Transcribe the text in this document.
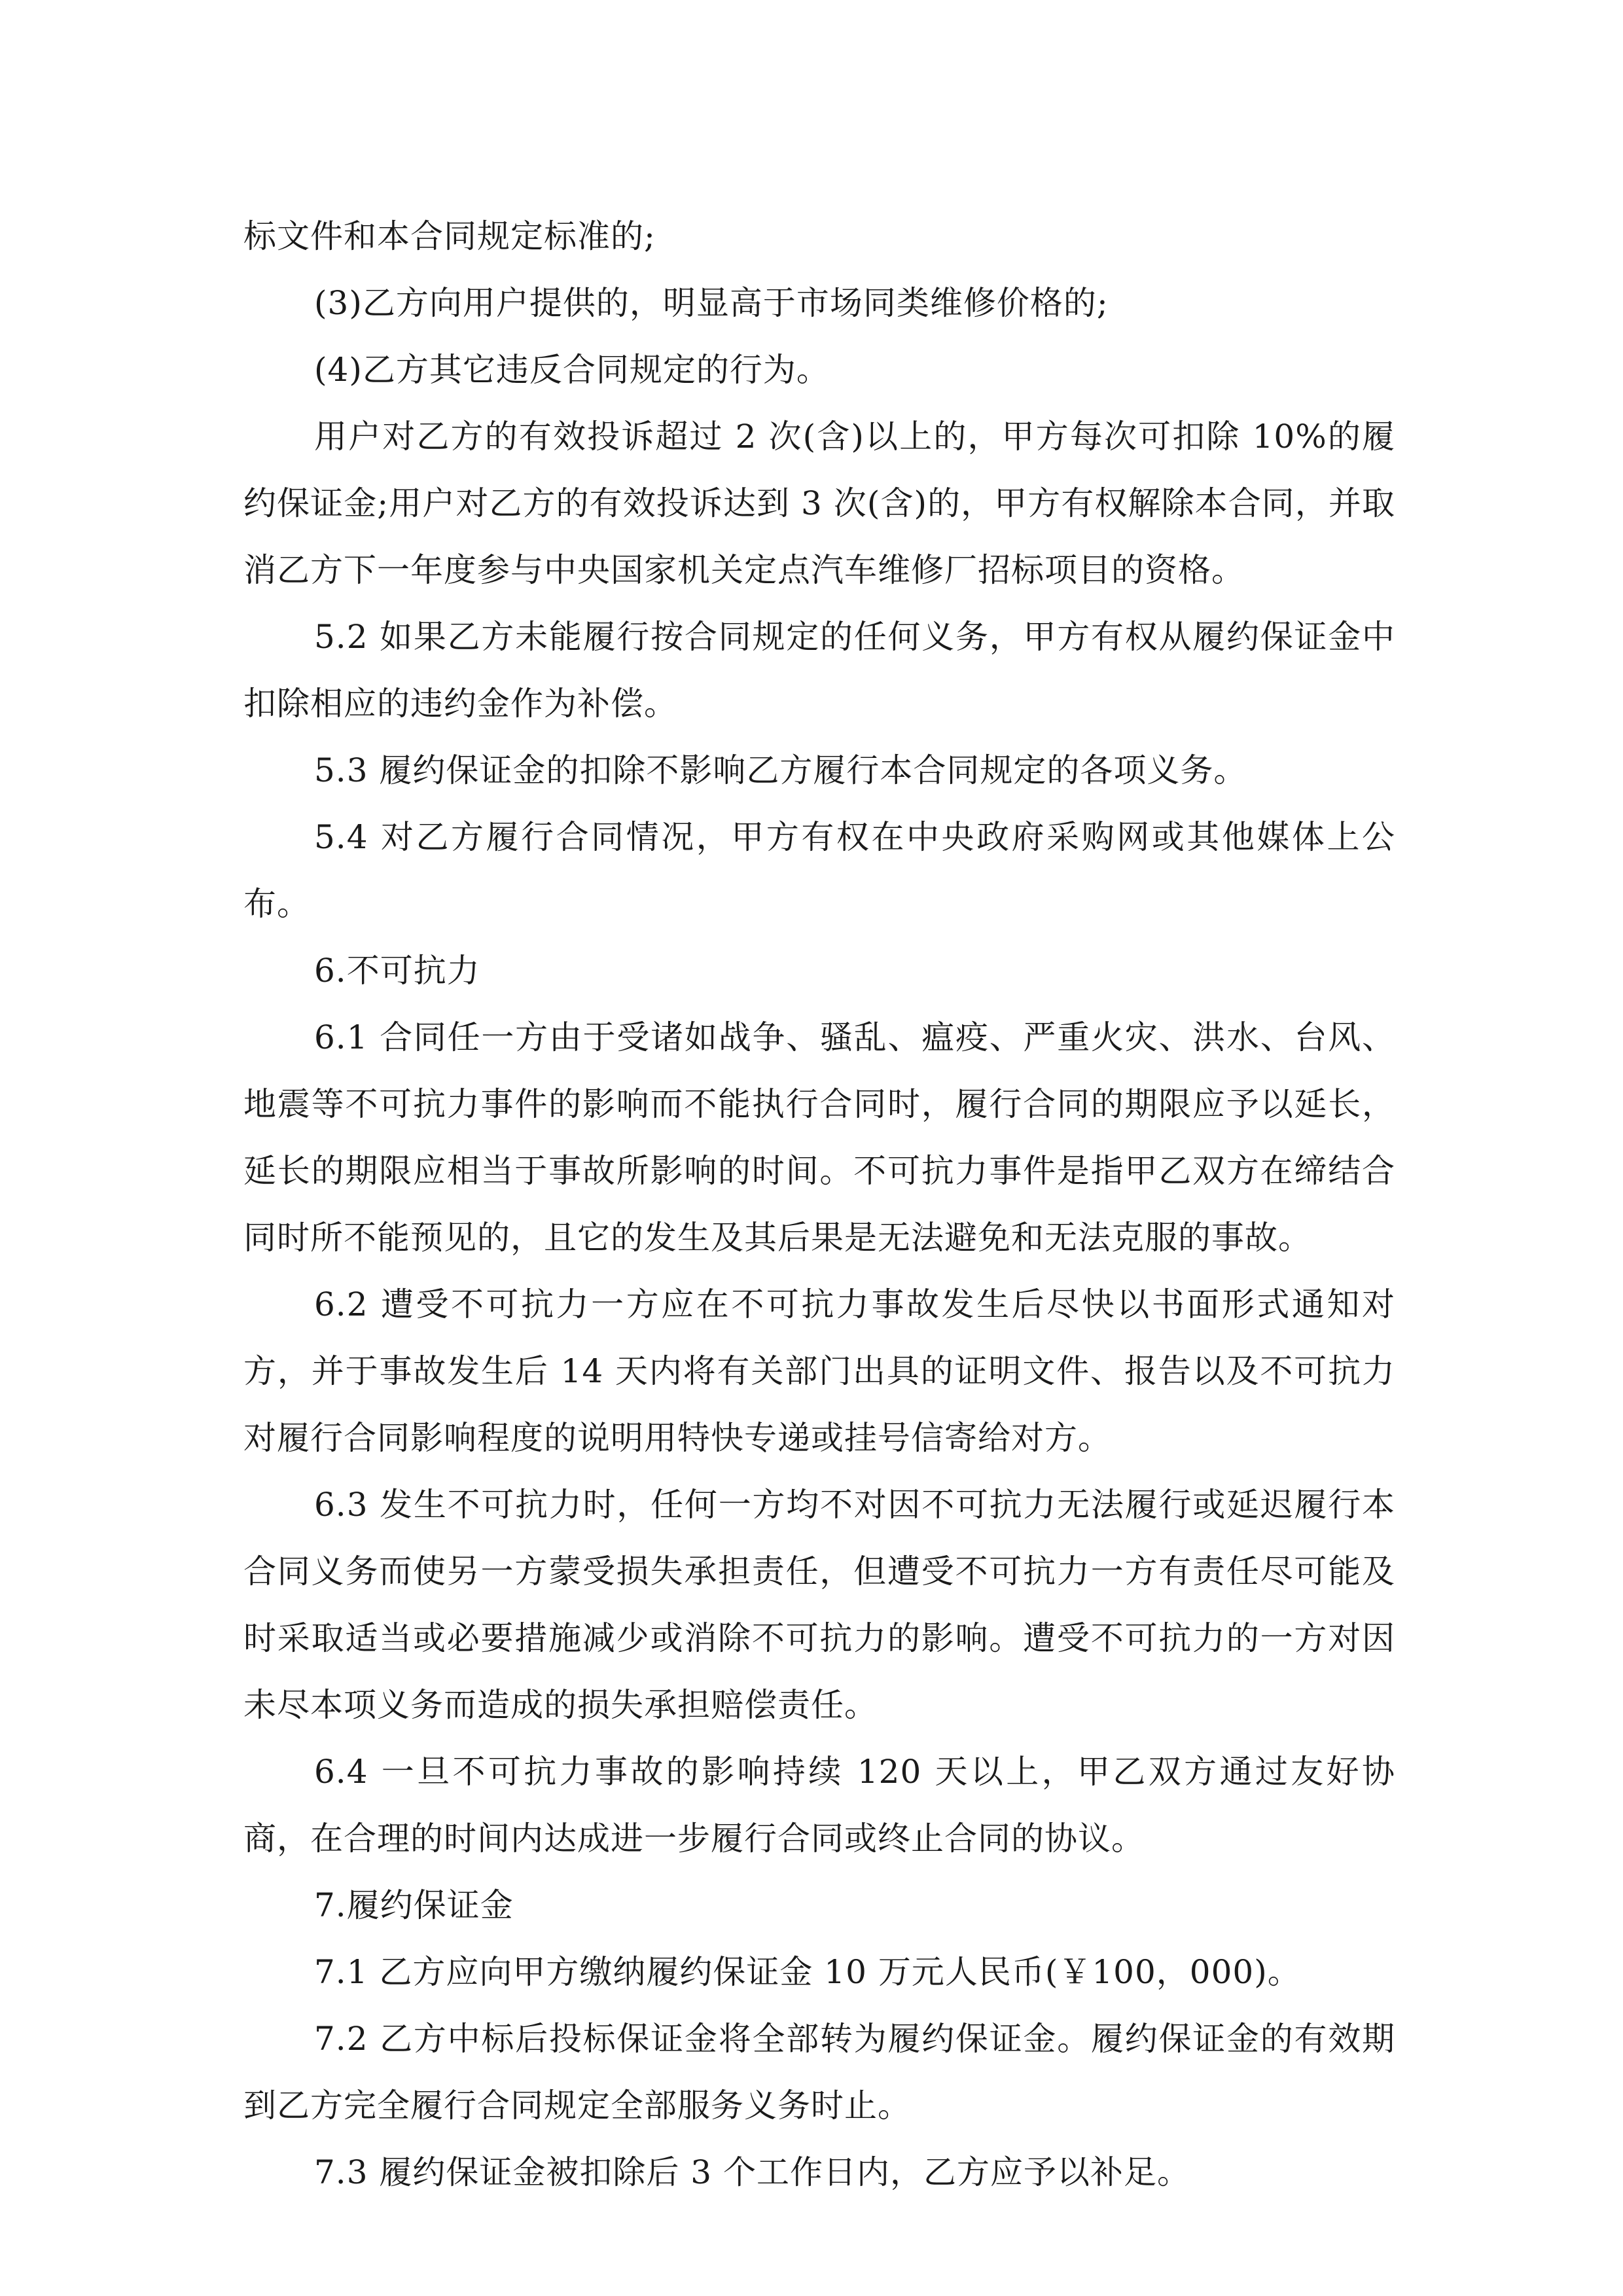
标文件和本合同规定标准的;

(3)乙方向用户提供的，明显高于市场同类维修价格的;

(4)乙方其它违反合同规定的行为。

用户对乙方的有效投诉超过 2 次(含)以上的，甲方每次可扣除 10%的履约保证金;用户对乙方的有效投诉达到 3 次(含)的，甲方有权解除本合同，并取消乙方下一年度参与中央国家机关定点汽车维修厂招标项目的资格。

5.2 如果乙方未能履行按合同规定的任何义务，甲方有权从履约保证金中扣除相应的违约金作为补偿。

5.3 履约保证金的扣除不影响乙方履行本合同规定的各项义务。

5.4 对乙方履行合同情况，甲方有权在中央政府采购网或其他媒体上公布。

6.不可抗力

6.1 合同任一方由于受诸如战争、骚乱、瘟疫、严重火灾、洪水、台风、地震等不可抗力事件的影响而不能执行合同时，履行合同的期限应予以延长，延长的期限应相当于事故所影响的时间。不可抗力事件是指甲乙双方在缔结合同时所不能预见的，且它的发生及其后果是无法避免和无法克服的事故。

6.2 遭受不可抗力一方应在不可抗力事故发生后尽快以书面形式通知对方，并于事故发生后 14 天内将有关部门出具的证明文件、报告以及不可抗力对履行合同影响程度的说明用特快专递或挂号信寄给对方。

6.3 发生不可抗力时，任何一方均不对因不可抗力无法履行或延迟履行本合同义务而使另一方蒙受损失承担责任，但遭受不可抗力一方有责任尽可能及时采取适当或必要措施减少或消除不可抗力的影响。遭受不可抗力的一方对因未尽本项义务而造成的损失承担赔偿责任。

6.4 一旦不可抗力事故的影响持续 120 天以上，甲乙双方通过友好协商，在合理的时间内达成进一步履行合同或终止合同的协议。

7.履约保证金

7.1 乙方应向甲方缴纳履约保证金 10 万元人民币(￥100，000)。

7.2 乙方中标后投标保证金将全部转为履约保证金。履约保证金的有效期到乙方完全履行合同规定全部服务义务时止。

7.3 履约保证金被扣除后 3 个工作日内，乙方应予以补足。
